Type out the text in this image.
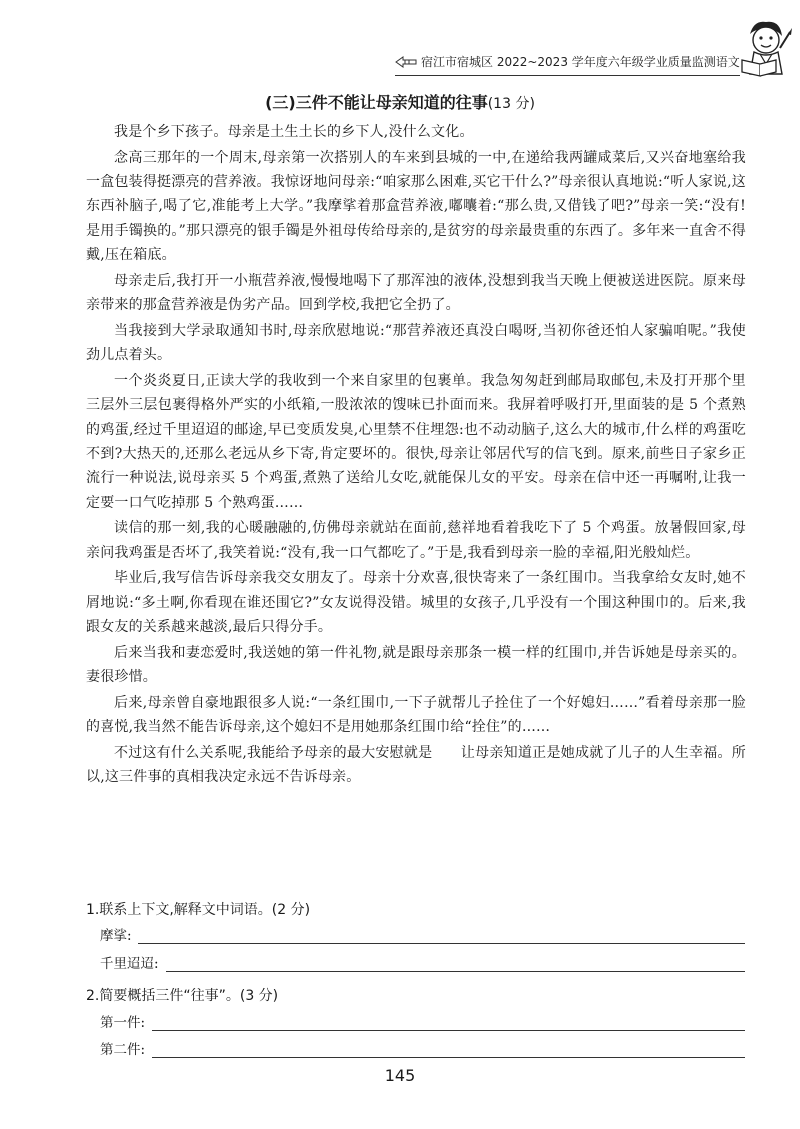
宿江市宿城区 2022~2023 学年度六年级学业质量监测语文
(三)三件不能让母亲知道的往事(13 分)

我是个乡下孩子。母亲是土生土长的乡下人,没什么文化。

念高三那年的一个周末,母亲第一次搭别人的车来到县城的一中,在递给我两罐咸菜后,又兴奋地塞给我一盒包装得挺漂亮的营养液。我惊讶地问母亲:“咱家那么困难,买它干什么?”母亲很认真地说:“听人家说,这东西补脑子,喝了它,准能考上大学。”我摩挲着那盒营养液,嘟囔着:“那么贵,又借钱了吧?”母亲一笑:“没有!是用手镯换的。”那只漂亮的银手镯是外祖母传给母亲的,是贫穷的母亲最贵重的东西了。多年来一直舍不得戴,压在箱底。

母亲走后,我打开一小瓶营养液,慢慢地喝下了那浑浊的液体,没想到我当天晚上便被送进医院。原来母亲带来的那盒营养液是伪劣产品。回到学校,我把它全扔了。

当我接到大学录取通知书时,母亲欣慰地说:“那营养液还真没白喝呀,当初你爸还怕人家骗咱呢。”我使劲儿点着头。

一个炎炎夏日,正读大学的我收到一个来自家里的包裹单。我急匆匆赶到邮局取邮包,未及打开那个里三层外三层包裹得格外严实的小纸箱,一股浓浓的馊味已扑面而来。我屏着呼吸打开,里面装的是 5 个煮熟的鸡蛋,经过千里迢迢的邮途,早已变质发臭,心里禁不住埋怨:也不动动脑子,这么大的城市,什么样的鸡蛋吃不到?大热天的,还那么老远从乡下寄,肯定要坏的。很快,母亲让邻居代写的信飞到。原来,前些日子家乡正流行一种说法,说母亲买 5 个鸡蛋,煮熟了送给儿女吃,就能保儿女的平安。母亲在信中还一再嘱咐,让我一定要一口气吃掉那 5 个熟鸡蛋……

读信的那一刻,我的心暖融融的,仿佛母亲就站在面前,慈祥地看着我吃下了 5 个鸡蛋。放暑假回家,母亲问我鸡蛋是否坏了,我笑着说:“没有,我一口气都吃了。”于是,我看到母亲一脸的幸福,阳光般灿烂。

毕业后,我写信告诉母亲我交女朋友了。母亲十分欢喜,很快寄来了一条红围巾。当我拿给女友时,她不屑地说:“多土啊,你看现在谁还围它?”女友说得没错。城里的女孩子,几乎没有一个围这种围巾的。后来,我跟女友的关系越来越淡,最后只得分手。

后来当我和妻恋爱时,我送她的第一件礼物,就是跟母亲那条一模一样的红围巾,并告诉她是母亲买的。妻很珍惜。

后来,母亲曾自豪地跟很多人说:“一条红围巾,一下子就帮儿子拴住了一个好媳妇……”看着母亲那一脸的喜悦,我当然不能告诉母亲,这个媳妇不是用她那条红围巾给“拴住”的……

不过这有什么关系呢,我能给予母亲的最大安慰就是　　让母亲知道正是她成就了儿子的人生幸福。所以,这三件事的真相我决定永远不告诉母亲。

1.联系上下文,解释文中词语。(2 分)
摩挲:
千里迢迢:
2.简要概括三件“往事”。(3 分)
第一件:
第二件:
145
